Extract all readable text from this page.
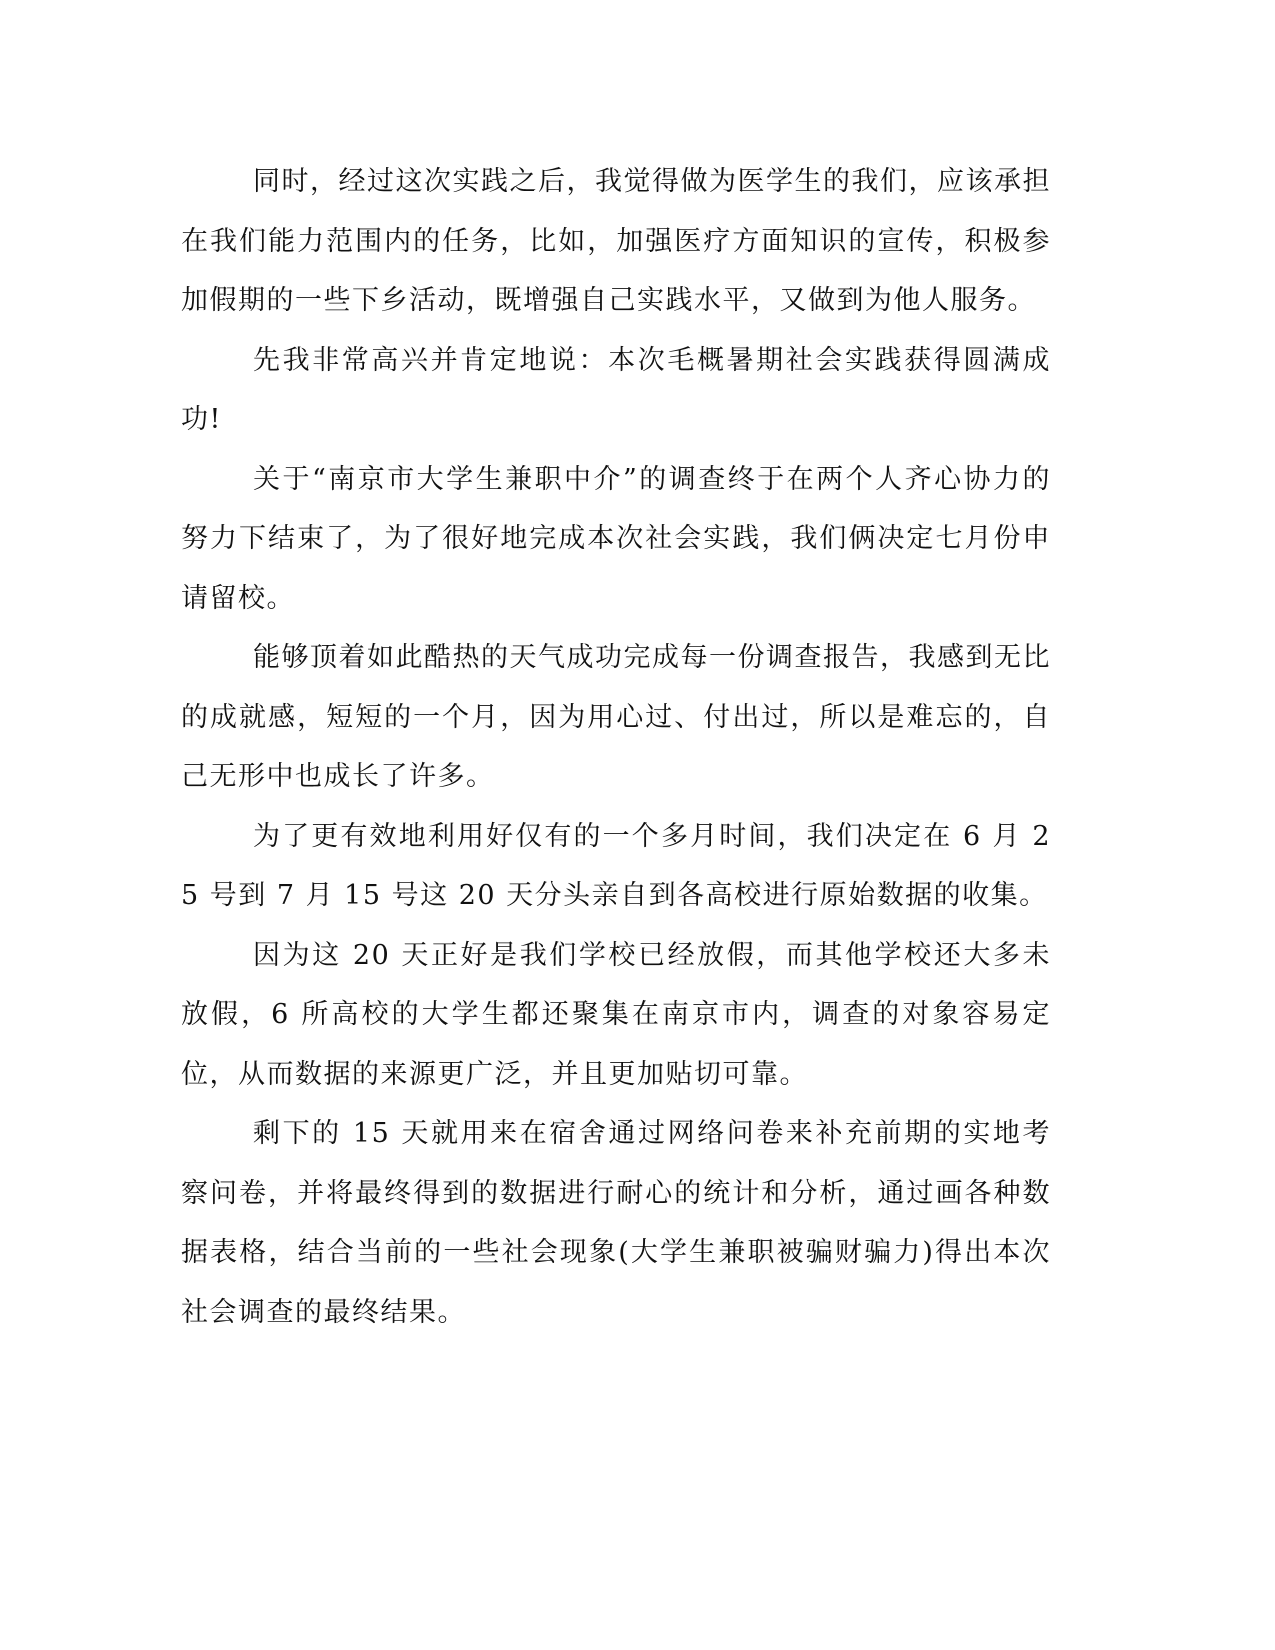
同时，经过这次实践之后，我觉得做为医学生的我们，应该承担在我们能力范围内的任务，比如，加强医疗方面知识的宣传，积极参加假期的一些下乡活动，既增强自己实践水平，又做到为他人服务。

先我非常高兴并肯定地说：本次毛概暑期社会实践获得圆满成功!

关于“南京市大学生兼职中介”的调查终于在两个人齐心协力的努力下结束了，为了很好地完成本次社会实践，我们俩决定七月份申请留校。

能够顶着如此酷热的天气成功完成每一份调查报告，我感到无比的成就感，短短的一个月，因为用心过、付出过，所以是难忘的，自己无形中也成长了许多。

为了更有效地利用好仅有的一个多月时间，我们决定在 6 月 25 号到 7 月 15 号这 20 天分头亲自到各高校进行原始数据的收集。

因为这 20 天正好是我们学校已经放假，而其他学校还大多未放假，6 所高校的大学生都还聚集在南京市内，调查的对象容易定位，从而数据的来源更广泛，并且更加贴切可靠。

剩下的 15 天就用来在宿舍通过网络问卷来补充前期的实地考察问卷，并将最终得到的数据进行耐心的统计和分析，通过画各种数据表格，结合当前的一些社会现象(大学生兼职被骗财骗力)得出本次社会调查的最终结果。
